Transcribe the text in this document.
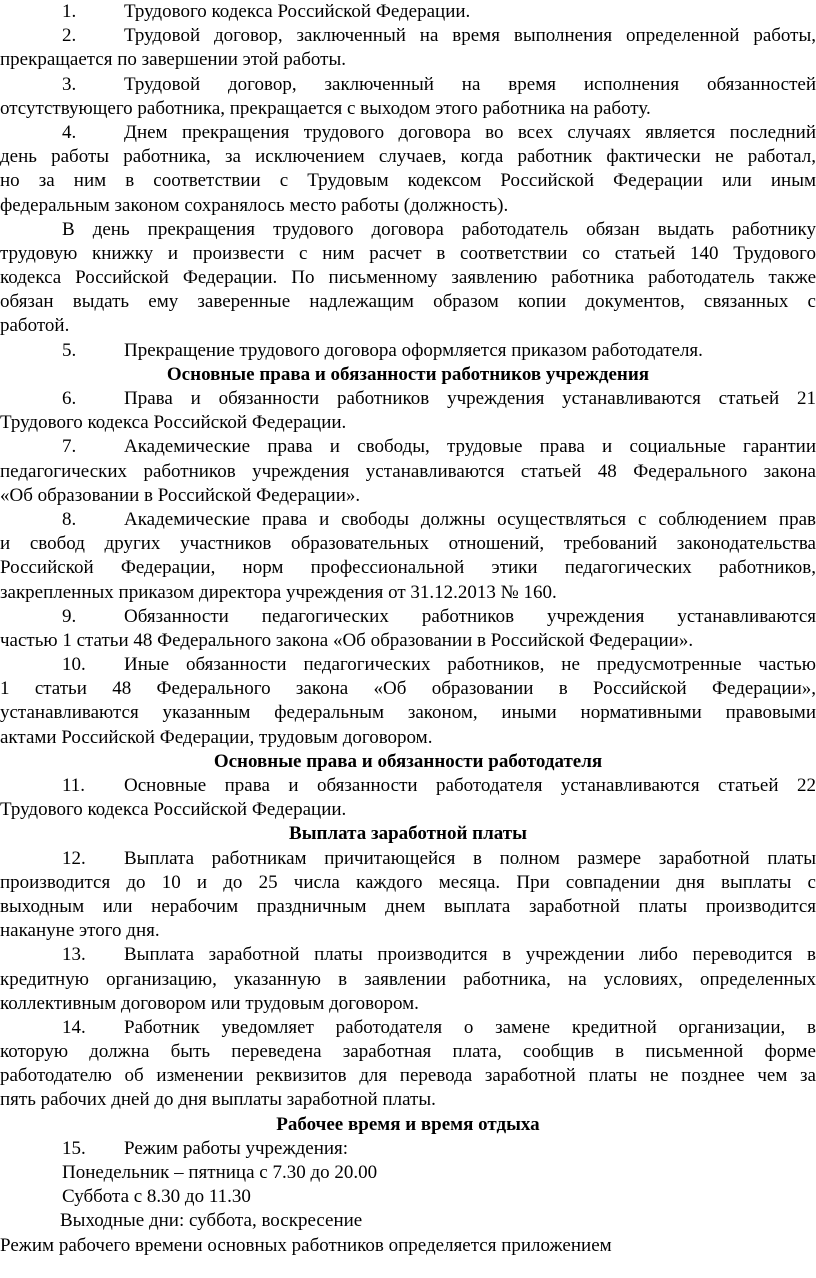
1.	Трудового кодекса Российской Федерации.
2.	Трудовой договор, заключенный на время выполнения определенной работы,
прекращается по завершении этой работы.
3.	Трудовой договор, заключенный на время исполнения обязанностей
отсутствующего работника, прекращается с выходом этого работника на работу.
4.	Днем прекращения трудового договора во всех случаях является последний
день работы работника, за исключением случаев, когда работник фактически не работал,
но за ним в соответствии с Трудовым кодексом Российской Федерации или иным
федеральным законом сохранялось место работы (должность).
В день прекращения трудового договора работодатель обязан выдать работнику
трудовую книжку и произвести с ним расчет в соответствии со статьей 140 Трудового
кодекса Российской Федерации. По письменному заявлению работника работодатель также
обязан выдать ему заверенные надлежащим образом копии документов, связанных с
работой.
5.	Прекращение трудового договора оформляется приказом работодателя.
Основные права и обязанности работников учреждения
6.	Права и обязанности работников учреждения устанавливаются статьей 21
Трудового кодекса Российской Федерации.
7.	Академические права и свободы, трудовые права и социальные гарантии
педагогических работников учреждения устанавливаются статьей 48 Федерального закона
«Об образовании в Российской Федерации».
8.	Академические права и свободы должны осуществляться с соблюдением прав
и свобод других участников образовательных отношений, требований законодательства
Российской Федерации, норм профессиональной этики педагогических работников,
закрепленных приказом директора учреждения от 31.12.2013 № 160.
9.	Обязанности педагогических работников учреждения устанавливаются
частью 1 статьи 48 Федерального закона «Об образовании в Российской Федерации».
10. Иные обязанности педагогических работников, не предусмотренные частью
1 статьи 48 Федерального закона «Об образовании в Российской Федерации»,
устанавливаются указанным федеральным законом, иными нормативными правовыми
актами Российской Федерации, трудовым договором.
Основные права и обязанности работодателя
11. Основные права и обязанности работодателя устанавливаются статьей 22
Трудового кодекса Российской Федерации.
Выплата заработной платы
12. Выплата работникам причитающейся в полном размере заработной платы
производится до 10 и до 25 числа каждого месяца. При совпадении дня выплаты с
выходным или нерабочим праздничным днем выплата заработной платы производится
накануне этого дня.
13. Выплата заработной платы производится в учреждении либо переводится в
кредитную организацию, указанную в заявлении работника, на условиях, определенных
коллективным договором или трудовым договором.
14. Работник уведомляет работодателя о замене кредитной организации, в
которую должна быть переведена заработная плата, сообщив в письменной форме
работодателю об изменении реквизитов для перевода заработной платы не позднее чем за
пять рабочих дней до дня выплаты заработной платы.
Рабочее время и время отдыха
15. Режим работы учреждения:
Понедельник – пятница с 7.30 до 20.00
Суббота с 8.30 до 11.30
Выходные дни: суббота, воскресение
Режим рабочего времени основных работников определяется приложением
